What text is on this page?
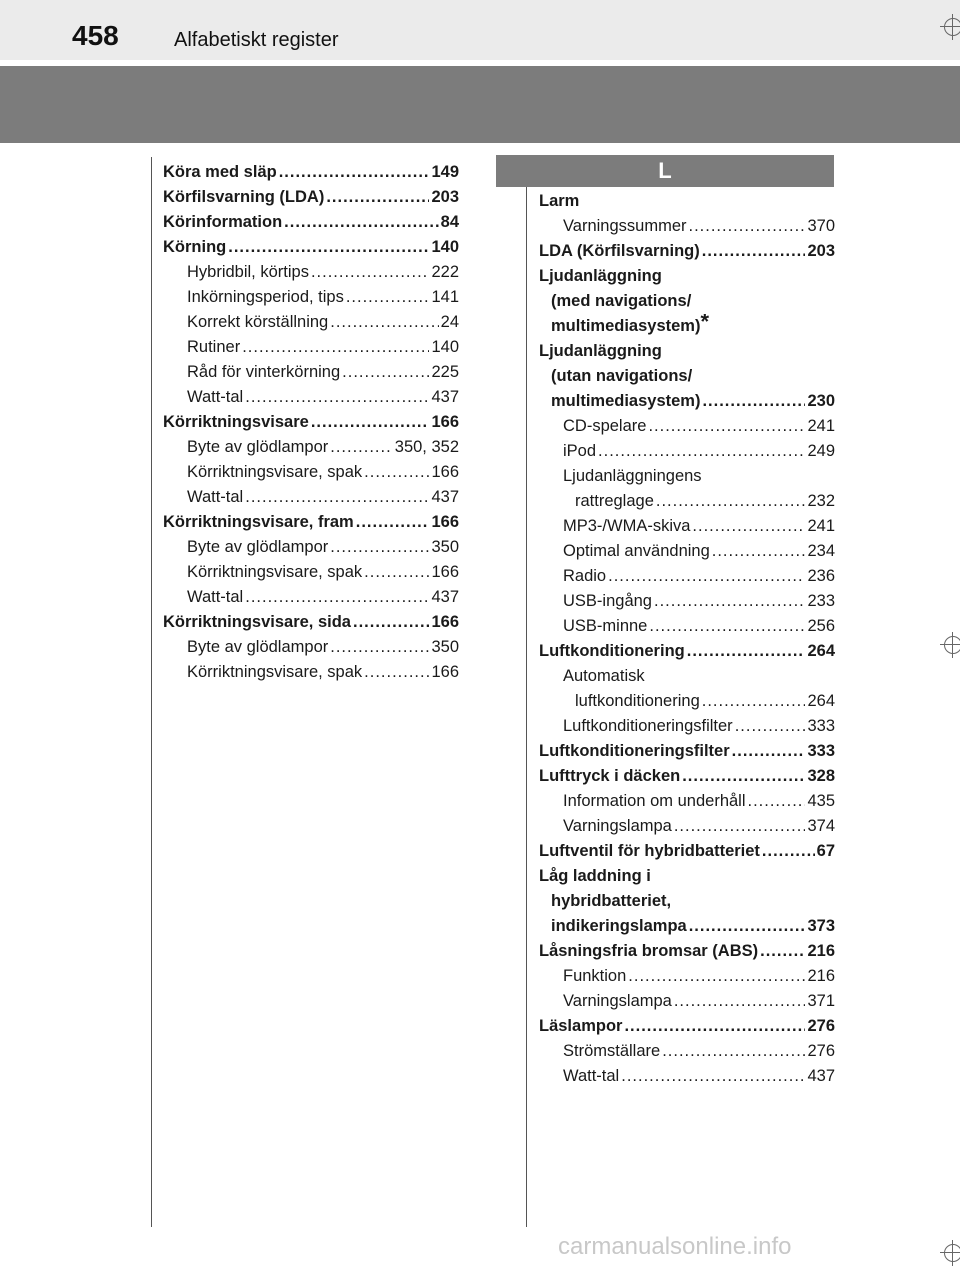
458	Alfabetiskt register
L
Köra med släp .....	149
Körfilsvarning (LDA) .....	203
Körinformation .....	84
Körning .....	140
Hybridbil, körtips .....	222
Inkörningsperiod, tips .....	141
Korrekt körställning .....	24
Rutiner .....	140
Råd för vinterkörning .....	225
Watt-tal .....	437
Körriktningsvisare .....	166
Byte av glödlampor .....	350, 352
Körriktningsvisare, spak .....	166
Watt-tal .....	437
Körriktningsvisare, fram .....	166
Byte av glödlampor .....	350
Körriktningsvisare, spak .....	166
Watt-tal .....	437
Körriktningsvisare, sida .....	166
Byte av glödlampor .....	350
Körriktningsvisare, spak .....	166
Larm
Varningssummer .....	370
LDA (Körfilsvarning) .....	203
Ljudanläggning
(med navigations/
multimediasystem)*
Ljudanläggning
(utan navigations/
multimediasystem) .....	230
CD-spelare .....	241
iPod .....	249
Ljudanläggningens
rattreglage .....	232
MP3-/WMA-skiva .....	241
Optimal användning .....	234
Radio .....	236
USB-ingång .....	233
USB-minne .....	256
Luftkonditionering .....	264
Automatisk
luftkonditionering .....	264
Luftkonditioneringsfilter .....	333
Luftkonditioneringsfilter .....	333
Lufttryck i däcken .....	328
Information om underhåll .....	435
Varningslampa .....	374
Luftventil för hybridbatteriet .....	67
Låg laddning i
hybridbatteriet,
indikeringslampa .....	373
Låsningsfria bromsar (ABS) .....	216
Funktion .....	216
Varningslampa .....	371
Läslampor .....	276
Strömställare .....	276
Watt-tal .....	437
carmanualsonline.info
